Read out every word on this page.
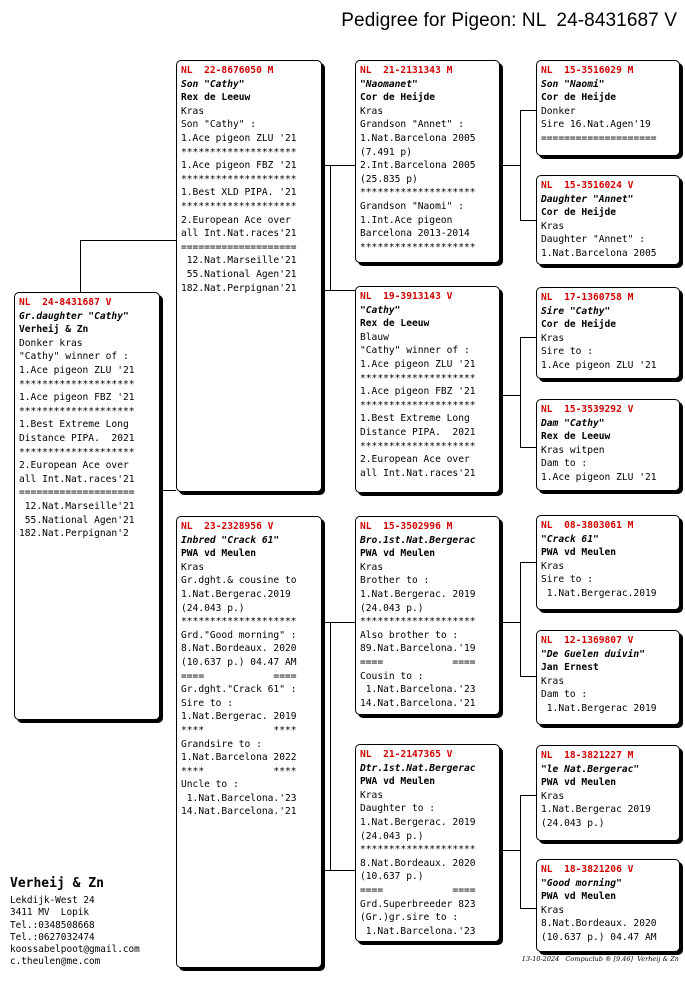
Pedigree for Pigeon: NL  24-8431687 V
NL  24-8431687 V
Gr.daughter "Cathy"
Verheij & Zn
Donker kras
"Cathy" winner of :
1.Ace pigeon ZLU '21
********************
1.Ace pigeon FBZ '21
********************
1.Best Extreme Long
Distance PIPA.  2021
********************
2.European Ace over
all Int.Nat.races'21
====================
12.Nat.Marseille'21
55.National Agen'21
182.Nat.Perpignan'2
NL  22-8676050 M
Son "Cathy"
Rex de Leeuw
Kras
Son "Cathy" :
1.Ace pigeon ZLU '21
********************
1.Ace pigeon FBZ '21
********************
1.Best XLD PIPA. '21
********************
2.European Ace over
all Int.Nat.races'21
====================
12.Nat.Marseille'21
55.National Agen'21
182.Nat.Perpignan'21
NL  23-2328956 V
Inbred "Crack 61"
PWA vd Meulen
Kras
Gr.dght.& cousine to
1.Nat.Bergerac.2019
(24.043 p.)
********************
Grd."Good morning" :
8.Nat.Bordeaux. 2020
(10.637 p.) 04.47 AM
====            ====
Gr.dght."Crack 61" :
Sire to :
1.Nat.Bergerac. 2019
****            ****
Grandsire to :
1.Nat.Barcelona 2022
****            ****
Uncle to :
1.Nat.Barcelona.'23
14.Nat.Barcelona.'21
NL  21-2131343 M
"Naomanet"
Cor de Heijde
Kras
Grandson "Annet" :
1.Nat.Barcelona 2005
(7.491 p)
2.Int.Barcelona 2005
(25.835 p)
********************
Grandson "Naomi" :
1.Int.Ace pigeon
Barcelona 2013-2014
********************
NL  19-3913143 V
"Cathy"
Rex de Leeuw
Blauw
"Cathy" winner of :
1.Ace pigeon ZLU '21
********************
1.Ace pigeon FBZ '21
********************
1.Best Extreme Long
Distance PIPA.  2021
********************
2.European Ace over
all Int.Nat.races'21
NL  15-3502996 M
Bro.1st.Nat.Bergerac
PWA vd Meulen
Kras
Brother to :
1.Nat.Bergerac. 2019
(24.043 p.)
********************
Also brother to :
89.Nat.Barcelona.'19
====            ====
Cousin to :
1.Nat.Barcelona.'23
14.Nat.Barcelona.'21
NL  21-2147365 V
Dtr.1st.Nat.Bergerac
PWA vd Meulen
Kras
Daughter to :
1.Nat.Bergerac. 2019
(24.043 p.)
********************
8.Nat.Bordeaux. 2020
(10.637 p.)
====            ====
Grd.Superbreeder 823
(Gr.)gr.sire to :
1.Nat.Barcelona.'23
NL  15-3516029 M
Son "Naomi"
Cor de Heijde
Donker
Sire 16.Nat.Agen'19
====================
NL  15-3516024 V
Daughter "Annet"
Cor de Heijde
Kras
Daughter "Annet" :
1.Nat.Barcelona 2005
NL  17-1360758 M
Sire "Cathy"
Cor de Heijde
Kras
Sire to :
1.Ace pigeon ZLU '21
NL  15-3539292 V
Dam "Cathy"
Rex de Leeuw
Kras witpen
Dam to :
1.Ace pigeon ZLU '21
NL  08-3803061 M
"Crack 61"
PWA vd Meulen
Kras
Sire to :
1.Nat.Bergerac.2019
NL  12-1369807 V
"De Guelen duivin"
Jan Ernest
Kras
Dam to :
1.Nat.Bergerac 2019
NL  18-3821227 M
"le Nat.Bergerac"
PWA vd Meulen
Kras
1.Nat.Bergerac 2019
(24.043 p.)
NL  18-3821206 V
"Good morning"
PWA vd Meulen
Kras
8.Nat.Bordeaux. 2020
(10.637 p.) 04.47 AM
Verheij & Zn
Lekdijk-West 24
3411 MV  Lopik
Tel.:0348508668
Tel.:0627032474
koossabelpoot@gmail.com
c.theulen@me.com	13-10-2024   Compuclub ® [9.46]  Verheij & Zn
